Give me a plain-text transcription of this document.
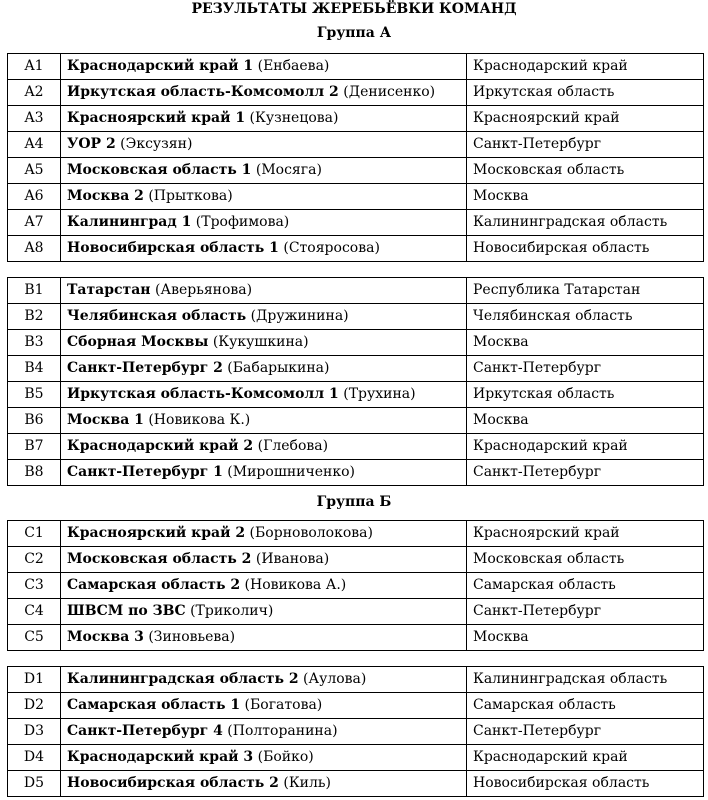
РЕЗУЛЬТАТЫ ЖЕРЕБЬЁВКИ КОМАНД
Группа А
A1	Краснодарский край 1 (Енбаева)	Краснодарский край
A2	Иркутская область-Комсомолл 2 (Денисенко)	Иркутская область
A3	Красноярский край 1 (Кузнецова)	Красноярский край
A4	УОР 2 (Эксузян)	Санкт-Петербург
A5	Московская область 1 (Мосяга)	Московская область
A6	Москва 2 (Прыткова)	Москва
A7	Калининград 1 (Трофимова)	Калининградская область
A8	Новосибирская область 1 (Стояросова)	Новосибирская область
B1	Татарстан (Аверьянова)	Республика Татарстан
B2	Челябинская область (Дружинина)	Челябинская область
B3	Сборная Москвы (Кукушкина)	Москва
B4	Санкт-Петербург 2 (Бабарыкина)	Санкт-Петербург
B5	Иркутская область-Комсомолл 1 (Трухина)	Иркутская область
B6	Москва 1 (Новикова К.)	Москва
B7	Краснодарский край 2 (Глебова)	Краснодарский край
B8	Санкт-Петербург 1 (Мирошниченко)	Санкт-Петербург
Группа Б
C1	Красноярский край 2 (Борноволокова)	Красноярский край
C2	Московская область 2 (Иванова)	Московская область
C3	Самарская область 2 (Новикова А.)	Самарская область
C4	ШВСМ по ЗВС (Триколич)	Санкт-Петербург
C5	Москва 3 (Зиновьева)	Москва
D1	Калининградская область 2 (Аулова)	Калининградская область
D2	Самарская область 1 (Богатова)	Самарская область
D3	Санкт-Петербург 4 (Полторанина)	Санкт-Петербург
D4	Краснодарский край 3 (Бойко)	Краснодарский край
D5	Новосибирская область 2 (Киль)	Новосибирская область
